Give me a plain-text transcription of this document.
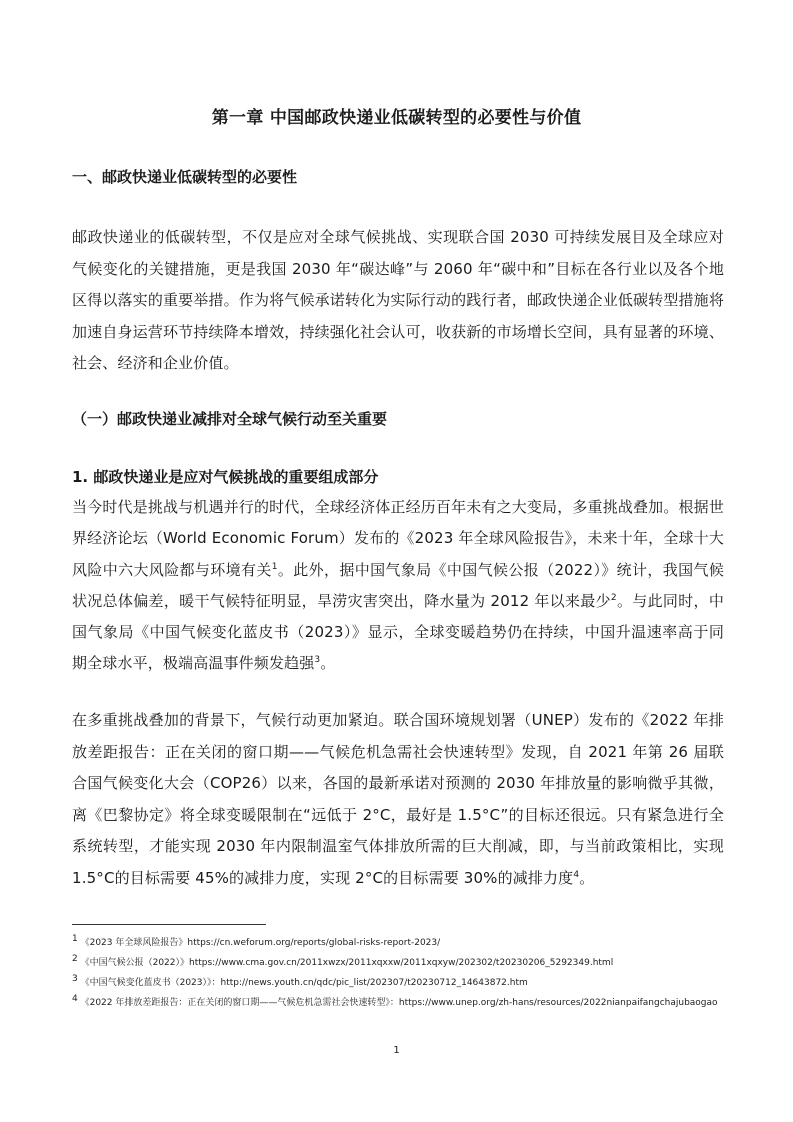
第一章 中国邮政快递业低碳转型的必要性与价值
一、邮政快递业低碳转型的必要性
邮政快递业的低碳转型，不仅是应对全球气候挑战、实现联合国 2030 可持续发展目及全球应对气候变化的关键措施，更是我国 2030 年“碳达峰”与 2060 年“碳中和”目标在各行业以及各个地区得以落实的重要举措。作为将气候承诺转化为实际行动的践行者，邮政快递企业低碳转型措施将加速自身运营环节持续降本增效，持续强化社会认可，收获新的市场增长空间，具有显著的环境、社会、经济和企业价值。
（一）邮政快递业减排对全球气候行动至关重要
1. 邮政快递业是应对气候挑战的重要组成部分
当今时代是挑战与机遇并行的时代，全球经济体正经历百年未有之大变局，多重挑战叠加。根据世界经济论坛（World Economic Forum）发布的《2023 年全球风险报告》，未来十年，全球十大风险中六大风险都与环境有关$^1$。此外，据中国气象局《中国气候公报（2022）》统计，我国气候状况总体偏差，暖干气候特征明显，旱涝灾害突出，降水量为 2012 年以来最少$^2$。与此同时，中国气象局《中国气候变化蓝皮书（2023）》显示，全球变暖趋势仍在持续，中国升温速率高于同期全球水平，极端高温事件频发趋强$^3$。
在多重挑战叠加的背景下，气候行动更加紧迫。联合国环境规划署（UNEP）发布的《2022 年排放差距报告：正在关闭的窗口期——气候危机急需社会快速转型》发现，自 2021 年第 26 届联合国气候变化大会（COP26）以来，各国的最新承诺对预测的 2030 年排放量的影响微乎其微，离《巴黎协定》将全球变暖限制在“远低于 2°C，最好是 1.5°C”的目标还很远。只有紧急进行全系统转型，才能实现 2030 年内限制温室气体排放所需的巨大削减，即，与当前政策相比，实现 1.5°C的目标需要 45%的减排力度，实现 2°C的目标需要 30%的减排力度$^4$。
$^1$ 《2023 年全球风险报告》https://cn.weforum.org/reports/global-risks-report-2023/
$^2$ 《中国气候公报（2022）》https://www.cma.gov.cn/2011xwzx/2011xqxxw/2011xqxyw/202302/t20230206_5292349.html
$^3$ 《中国气候变化蓝皮书（2023）》：http://news.youth.cn/qdc/pic_list/202307/t20230712_14643872.htm
$^4$ 《2022 年排放差距报告：正在关闭的窗口期——气候危机急需社会快速转型》：https://www.unep.org/zh-hans/resources/2022nianpaifangchajubaogao
1
